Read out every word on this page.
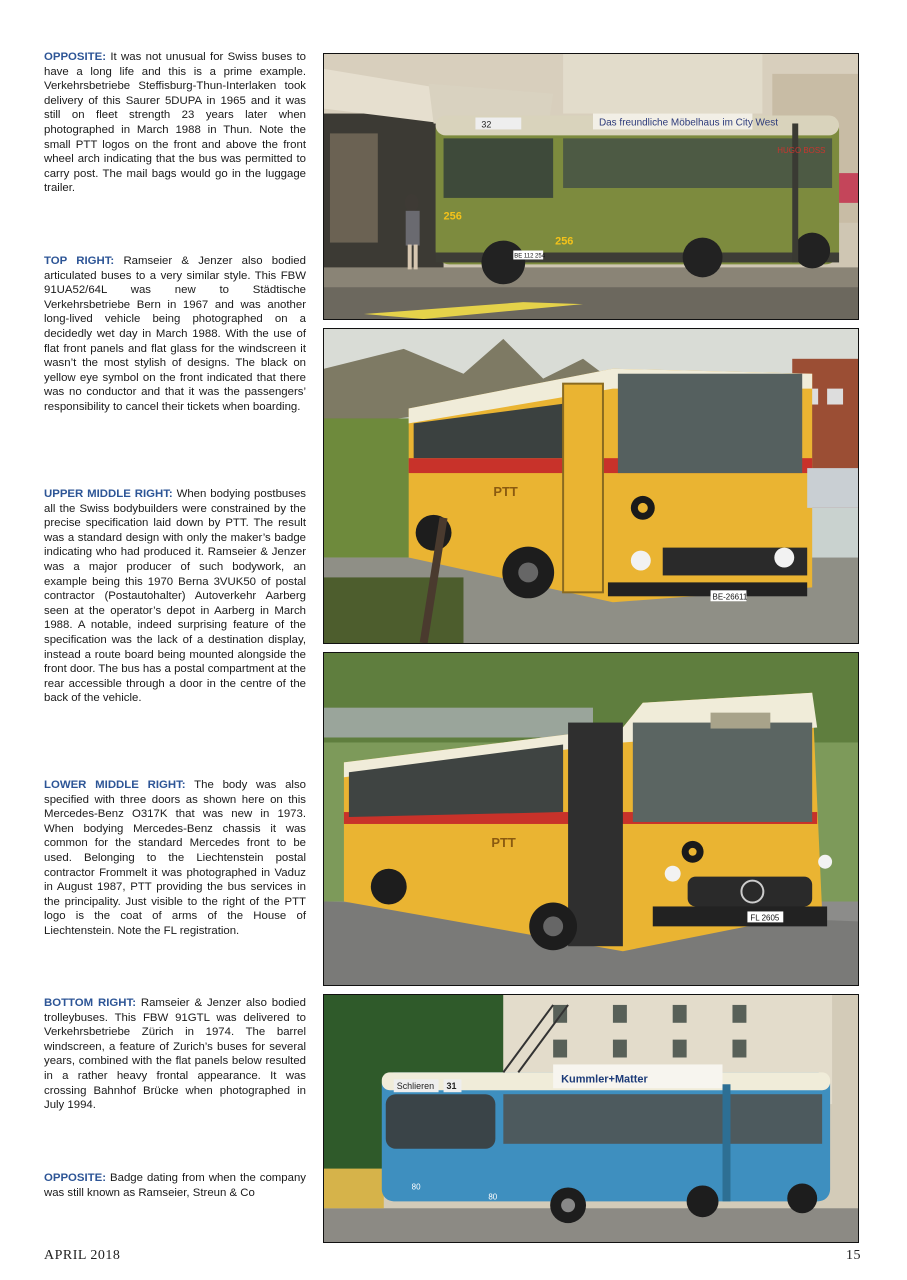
OPPOSITE: It was not unusual for Swiss buses to have a long life and this is a prime example. Verkehrsbetriebe Steffisburg-Thun-Interlaken took delivery of this Saurer 5DUPA in 1965 and it was still on fleet strength 23 years later when photographed in March 1988 in Thun. Note the small PTT logos on the front and above the front wheel arch indicating that the bus was permitted to carry post. The mail bags would go in the luggage trailer.

TOP RIGHT: Ramseier & Jenzer also bodied articulated buses to a very similar style. This FBW 91UA52/64L was new to Städtische Verkehrsbetriebe Bern in 1967 and was another long-lived vehicle being photographed on a decidedly wet day in March 1988. With the use of flat front panels and flat glass for the windscreen it wasn’t the most stylish of designs. The black on yellow eye symbol on the front indicated that there was no conductor and that it was the passengers’ responsibility to cancel their tickets when boarding.

UPPER MIDDLE RIGHT: When bodying postbuses all the Swiss bodybuilders were constrained by the precise specification laid down by PTT. The result was a standard design with only the maker’s badge indicating who had produced it. Ramseier & Jenzer was a major producer of such bodywork, an example being this 1970 Berna 3VUK50 of postal contractor (Postautohalter) Autoverkehr Aarberg seen at the operator’s depot in Aarberg in March 1988. A notable, indeed surprising feature of the specification was the lack of a destination display, instead a route board being mounted alongside the front door. The bus has a postal compartment at the rear accessible through a door in the centre of the back of the vehicle.

LOWER MIDDLE RIGHT: The body was also specified with three doors as shown here on this Mercedes-Benz O317K that was new in 1973. When bodying Mercedes-Benz chassis it was common for the standard Mercedes front to be used. Belonging to the Liechtenstein postal contractor Frommelt it was photographed in Vaduz in August 1987, PTT providing the bus services in the principality. Just visible to the right of the PTT logo is the coat of arms of the House of Liechtenstein. Note the FL registration.

BOTTOM RIGHT: Ramseier & Jenzer also bodied trolleybuses. This FBW 91GTL was delivered to Verkehrsbetriebe Zürich in 1974. The barrel windscreen, a feature of Zurich’s buses for several years, combined with the flat panels below resulted in a rather heavy frontal appearance. It was crossing Bahnhof Brücke when photographed in July 1994.

OPPOSITE: Badge dating from when the company was still known as Ramseier, Streun & Co

Das freundliche Möbelhaus im City West
32
256
256
BE 112 254
HUGO BOSS
PTT
BE-26611
PTT
FL 2605
Kummler+Matter
Schlieren 31
80
80
APRIL 2018	15
